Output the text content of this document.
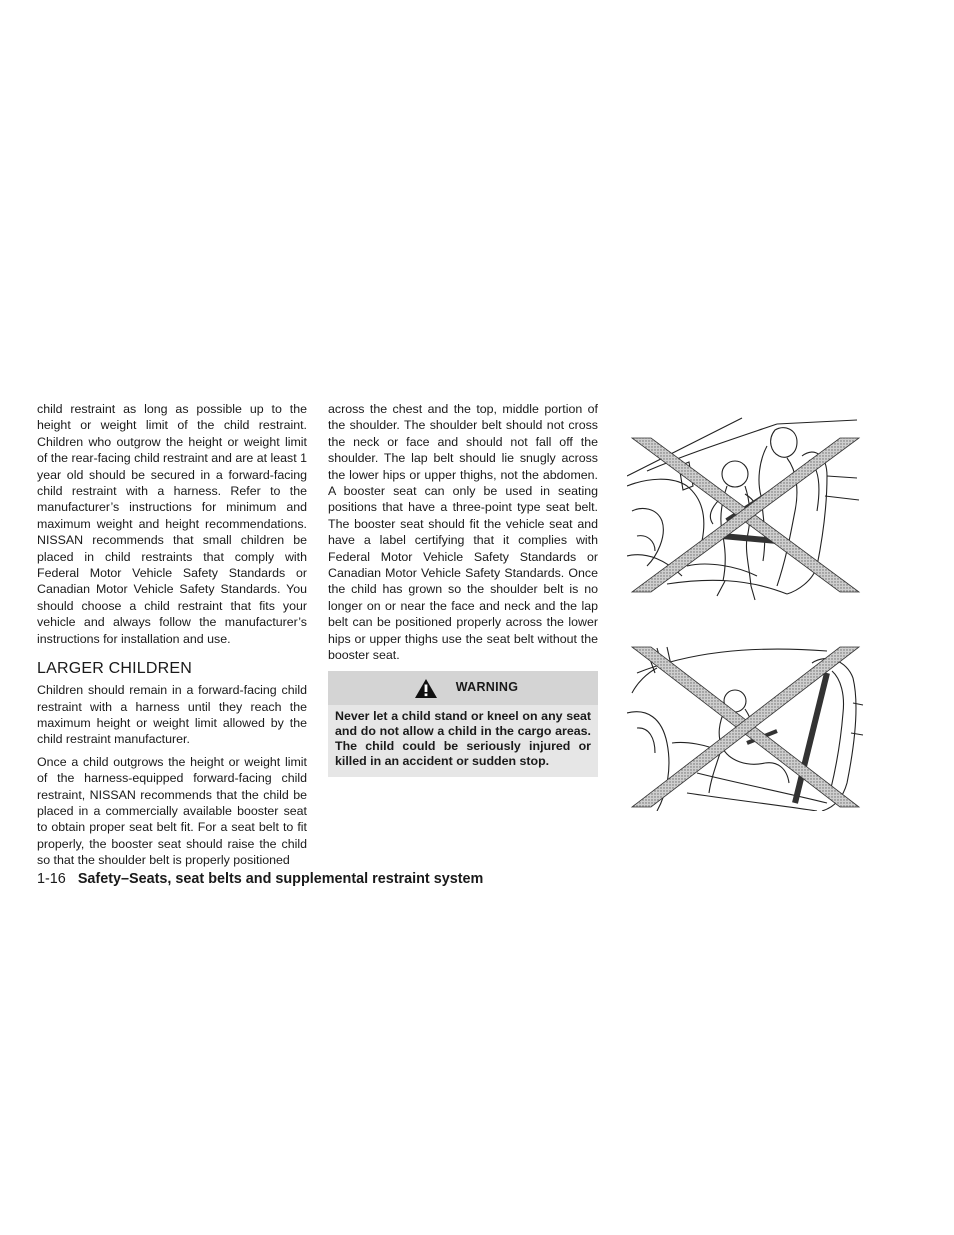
child restraint as long as possible up to the height or weight limit of the child restraint. Children who outgrow the height or weight limit of the rear-facing child restraint and are at least 1 year old should be secured in a forward-facing child restraint with a harness. Refer to the manufacturer’s instructions for minimum and maximum weight and height recommendations. NISSAN recommends that small children be placed in child restraints that comply with Federal Motor Vehicle Safety Standards or Canadian Motor Vehicle Safety Standards. You should choose a child restraint that fits your vehicle and always follow the manufacturer’s instructions for installation and use.

LARGER CHILDREN

Children should remain in a forward-facing child restraint with a harness until they reach the maximum height or weight limit allowed by the child restraint manufacturer.

Once a child outgrows the height or weight limit of the harness-equipped forward-facing child restraint, NISSAN recommends that the child be placed in a commercially available booster seat to obtain proper seat belt fit. For a seat belt to fit properly, the booster seat should raise the child so that the shoulder belt is properly positioned

across the chest and the top, middle portion of the shoulder. The shoulder belt should not cross the neck or face and should not fall off the shoulder. The lap belt should lie snugly across the lower hips or upper thighs, not the abdomen. A booster seat can only be used in seating positions that have a three-point type seat belt. The booster seat should fit the vehicle seat and have a label certifying that it complies with Federal Motor Vehicle Safety Standards or Canadian Motor Vehicle Safety Standards. Once the child has grown so the shoulder belt is no longer on or near the face and neck and the lap belt can be positioned properly across the lower hips or upper thighs use the seat belt without the booster seat.

WARNING
Never let a child stand or kneel on any seat and do not allow a child in the cargo areas. The child could be seriously injured or killed in an accident or sudden stop.
1-16 Safety–Seats, seat belts and supplemental restraint system
